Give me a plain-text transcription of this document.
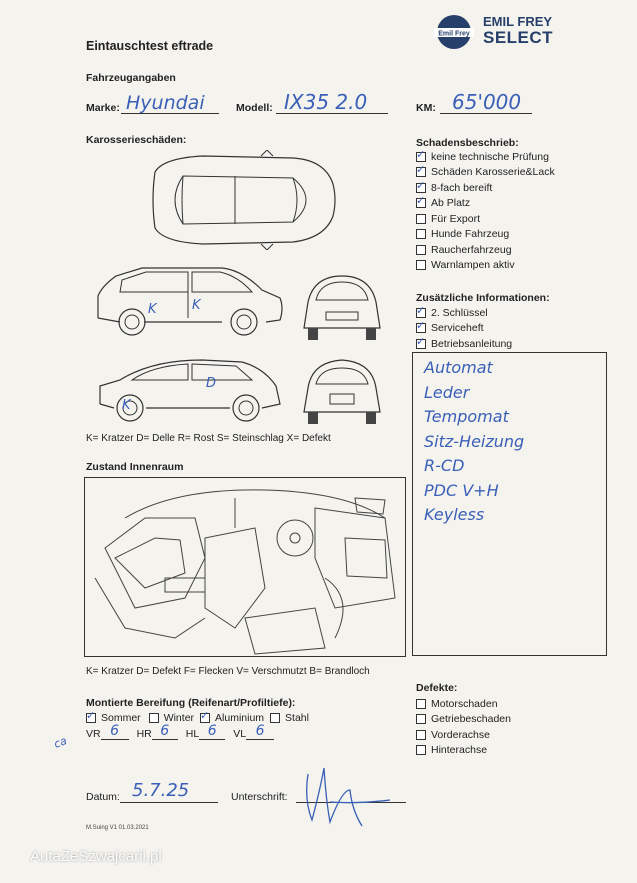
Eintauschtest eftrade
Emil Frey
EMIL FREY
SELECT
Fahrzeugangaben
Marke: Hyundai	Modell: IX35 2.0	KM: 65'000
Karosserieschäden:
K	K
D
K
K= Kratzer D= Delle R= Rost S= Steinschlag X= Defekt
Schadensbeschrieb:
✓
keine technische Prüfung
✓
Schäden Karosserie&Lack
✓
8-fach bereift
✓
Ab Platz
Für Export
Hunde Fahrzeug
Raucherfahrzeug
Warnlampen aktiv
Zusätzliche Informationen:
✓
2. Schlüssel
✓
Serviceheft
✓
Betriebsanleitung
Automat
Leder
Tempomat
Sitz-Heizung
R-CD
PDC V+H
Keyless
Zustand Innenraum
K= Kratzer D= Defekt F= Flecken V= Verschmutzt B= Brandloch
Montierte Bereifung (Reifenart/Profiltiefe):
✓
Sommer Winter
✓ Aluminium Stahl
ca
VR 6	HR 6	HL 6	VL 6
Defekte:
Motorschaden
Getriebeschaden
Vorderachse
Hinterachse
Datum: 5.7.25	Unterschrift:
M.Suing V1 01.03.2021
AutaZeSzwajcarii.pl
